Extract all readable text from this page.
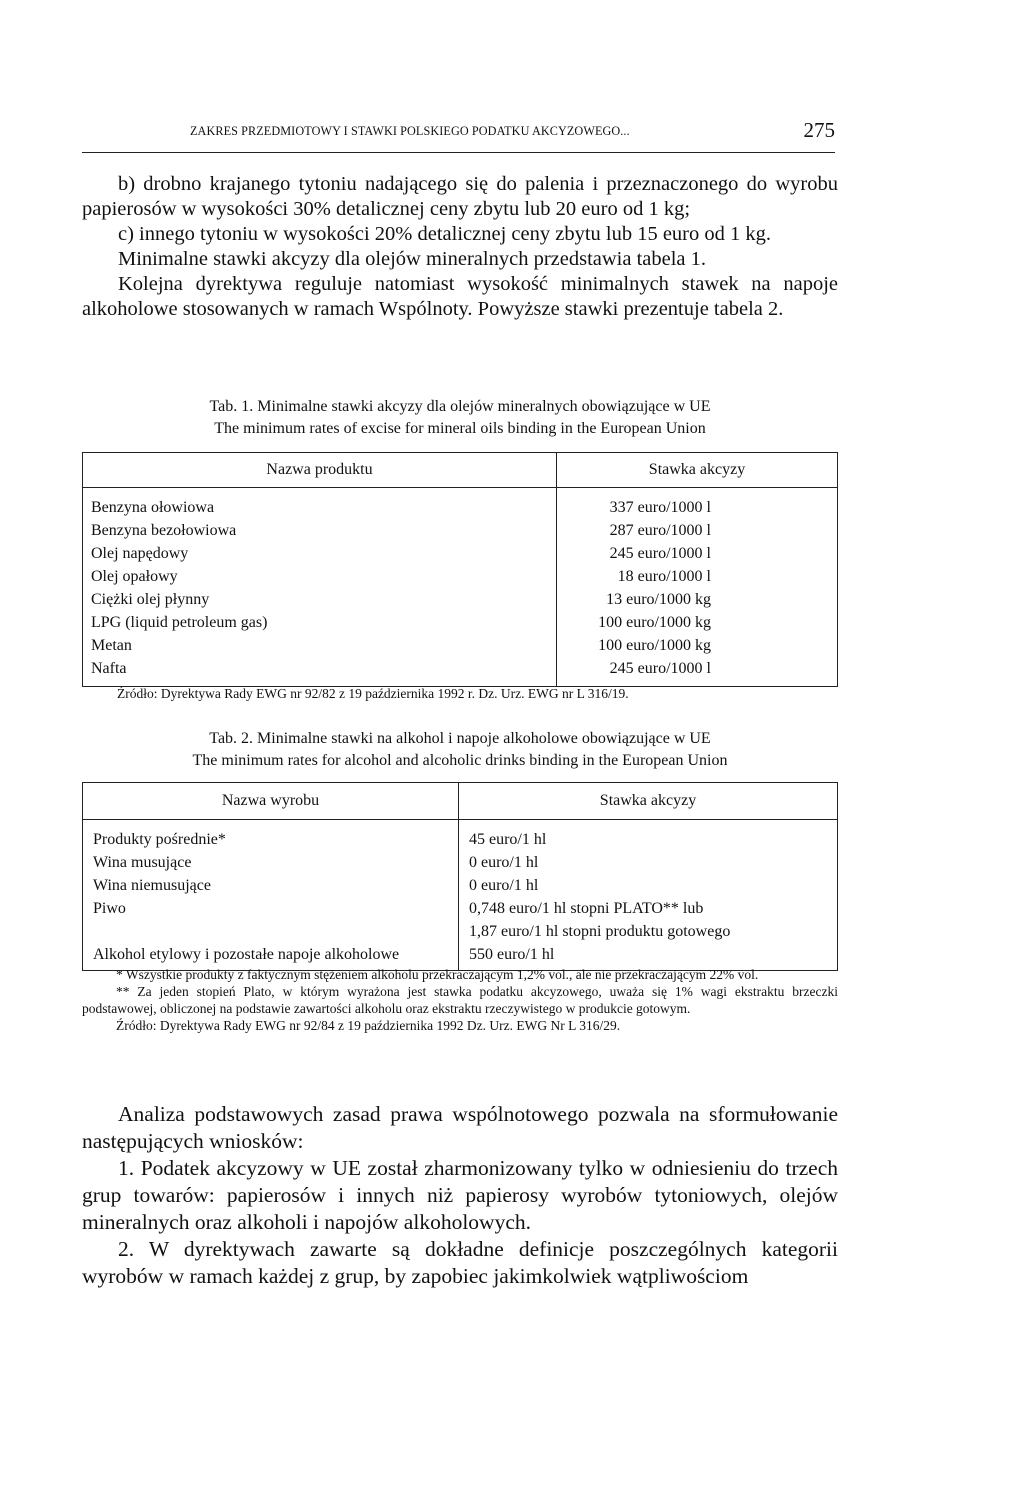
ZAKRES PRZEDMIOTOWY I STAWKI POLSKIEGO PODATKU AKCYZOWEGO...	275

b) drobno krajanego tytoniu nadającego się do palenia i przeznaczonego do wyrobu papierosów w wysokości 30% detalicznej ceny zbytu lub 20 euro od 1 kg;

c) innego tytoniu w wysokości 20% detalicznej ceny zbytu lub 15 euro od 1 kg.

Minimalne stawki akcyzy dla olejów mineralnych przedstawia tabela 1.

Kolejna dyrektywa reguluje natomiast wysokość minimalnych stawek na napoje alkoholowe stosowanych w ramach Wspólnoty. Powyższe stawki prezentuje tabela 2.

Tab. 1. Minimalne stawki akcyzy dla olejów mineralnych obowiązujące w UE
The minimum rates of excise for mineral oils binding in the European Union
Nazwa produktu	Stawka akcyzy
Benzyna ołowiowa	337 euro/1000 l
Benzyna bezołowiowa	287 euro/1000 l
Olej napędowy	245 euro/1000 l
Olej opałowy	18 euro/1000 l
Ciężki olej płynny	13 euro/1000 kg
LPG (liquid petroleum gas)	100 euro/1000 kg
Metan	100 euro/1000 kg
Nafta	245 euro/1000 l
Źródło: Dyrektywa Rady EWG nr 92/82 z 19 października 1992 r. Dz. Urz. EWG nr L 316/19.
Tab. 2. Minimalne stawki na alkohol i napoje alkoholowe obowiązujące w UE
The minimum rates for alcohol and alcoholic drinks binding in the European Union
Nazwa wyrobu	Stawka akcyzy
Produkty pośrednie*	45 euro/1 hl
Wina musujące	0 euro/1 hl
Wina niemusujące	0 euro/1 hl
Piwo	0,748 euro/1 hl stopni PLATO** lub
	1,87 euro/1 hl stopni produktu gotowego
Alkohol etylowy i pozostałe napoje alkoholowe	550 euro/1 hl

* Wszystkie produkty z faktycznym stężeniem alkoholu przekraczającym 1,2% vol., ale nie przekraczającym 22% vol.

** Za jeden stopień Plato, w którym wyrażona jest stawka podatku akcyzowego, uważa się 1% wagi ekstraktu brzeczki podstawowej, obliczonej na podstawie zawartości alkoholu oraz ekstraktu rzeczywistego w produkcie gotowym.

Źródło: Dyrektywa Rady EWG nr 92/84 z 19 października 1992 Dz. Urz. EWG Nr L 316/29.

Analiza podstawowych zasad prawa wspólnotowego pozwala na sformułowanie następujących wniosków:

1. Podatek akcyzowy w UE został zharmonizowany tylko w odniesieniu do trzech grup towarów: papierosów i innych niż papierosy wyrobów tytoniowych, olejów mineralnych oraz alkoholi i napojów alkoholowych.

2. W dyrektywach zawarte są dokładne definicje poszczególnych kategorii wyrobów w ramach każdej z grup, by zapobiec jakimkolwiek wątpliwościom
